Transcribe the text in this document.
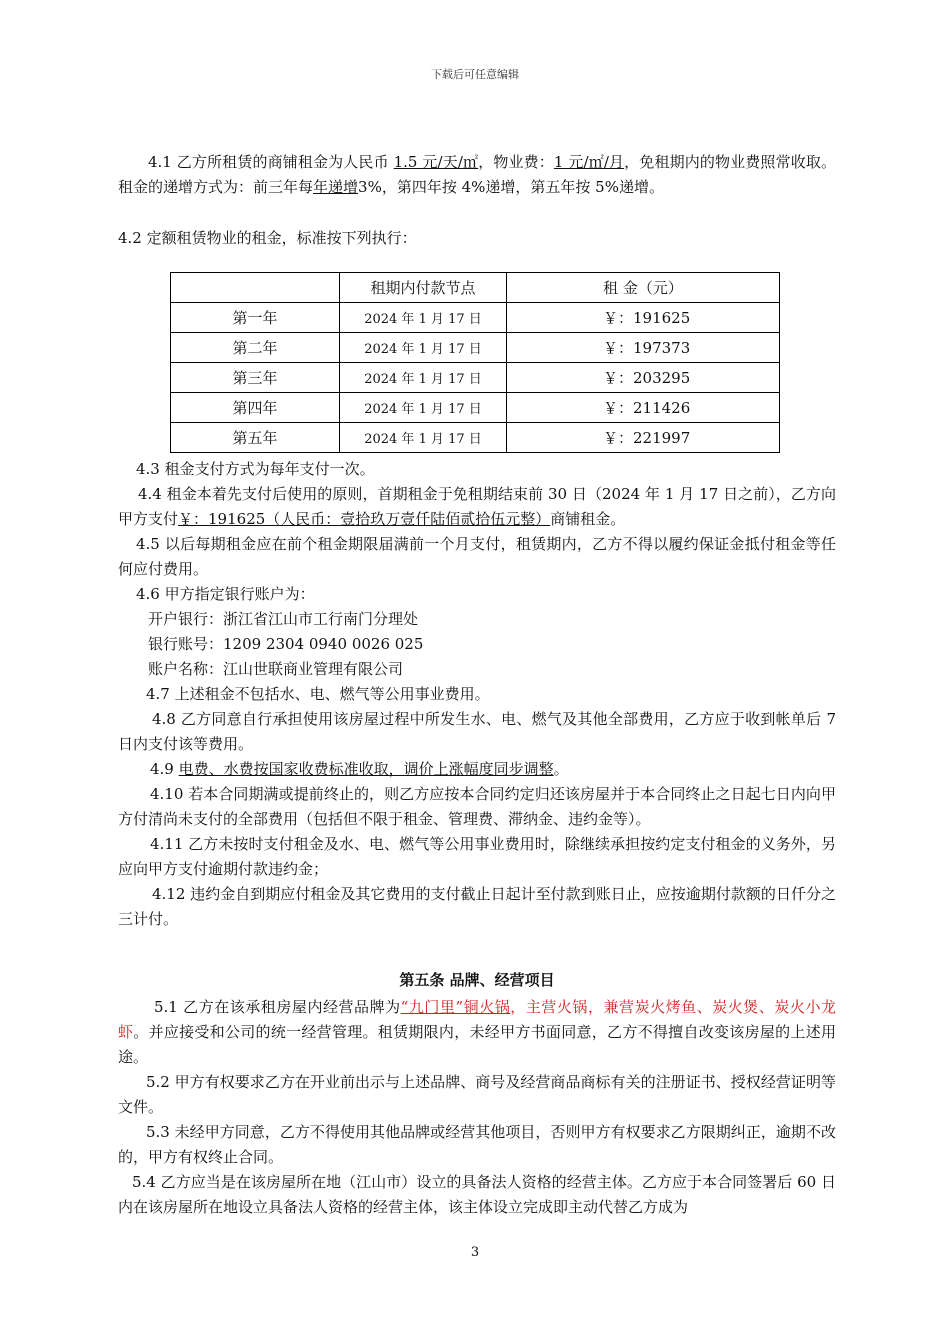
下载后可任意编辑

4.1 乙方所租赁的商铺租金为人民币 1.5 元/天/㎡，物业费：1 元/㎡/月，免租期内的物业费照常收取。租金的递增方式为：前三年每年递增3%，第四年按 4%递增，第五年按 5%递增。

4.2 定额租赁物业的租金，标准按下列执行：

	租期内付款节点	租 金（元）
第一年	2024 年 1 月 17 日	￥：191625
第二年	2024 年 1 月 17 日	￥：197373
第三年	2024 年 1 月 17 日	￥：203295
第四年	2024 年 1 月 17 日	￥：211426
第五年	2024 年 1 月 17 日	￥：221997

4.3 租金支付方式为每年支付一次。

4.4 租金本着先支付后使用的原则，首期租金于免租期结束前 30 日（2024 年 1 月 17 日之前），乙方向甲方支付￥：191625（人民币：壹拾玖万壹仟陆佰贰拾伍元整）商铺租金。

4.5 以后每期租金应在前个租金期限届满前一个月支付，租赁期内，乙方不得以履约保证金抵付租金等任何应付费用。

4.6 甲方指定银行账户为：

开户银行：浙江省江山市工行南门分理处

银行账号：1209 2304 0940 0026 025

账户名称：江山世联商业管理有限公司

4.7 上述租金不包括水、电、燃气等公用事业费用。

4.8 乙方同意自行承担使用该房屋过程中所发生水、电、燃气及其他全部费用，乙方应于收到帐单后 7 日内支付该等费用。

4.9 电费、水费按国家收费标准收取，调价上涨幅度同步调整。

4.10 若本合同期满或提前终止的，则乙方应按本合同约定归还该房屋并于本合同终止之日起七日内向甲方付清尚未支付的全部费用（包括但不限于租金、管理费、滞纳金、违约金等）。

4.11 乙方未按时支付租金及水、电、燃气等公用事业费用时，除继续承担按约定支付租金的义务外，另应向甲方支付逾期付款违约金；

4.12 违约金自到期应付租金及其它费用的支付截止日起计至付款到账日止，应按逾期付款额的日仟分之三计付。

第五条 品牌、经营项目

5.1 乙方在该承租房屋内经营品牌为“九门里”铜火锅，主营火锅，兼营炭火烤鱼、炭火煲、炭火小龙虾。并应接受和公司的统一经营管理。租赁期限内，未经甲方书面同意，乙方不得擅自改变该房屋的上述用途。

5.2 甲方有权要求乙方在开业前出示与上述品牌、商号及经营商品商标有关的注册证书、授权经营证明等文件。

5.3 未经甲方同意，乙方不得使用其他品牌或经营其他项目，否则甲方有权要求乙方限期纠正，逾期不改的，甲方有权终止合同。

5.4 乙方应当是在该房屋所在地（江山市）设立的具备法人资格的经营主体。乙方应于本合同签署后 60 日内在该房屋所在地设立具备法人资格的经营主体，该主体设立完成即主动代替乙方成为

3
